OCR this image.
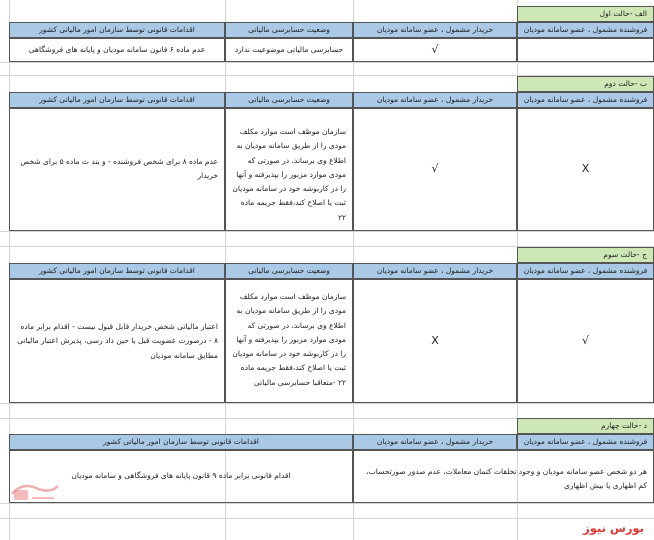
الف -حالت اول
فروشنده مشمول ، عضو سامانه مودیان
خریدار مشمول ، عضو سامانه مودیان
وضعیت حسابرسی مالیاتی
اقدامات قانونی توسط سازمان امور مالیاتی کشور
√
حسابرسی مالیاتی موضوعیت ندارد
عدم ماده ۶ قانون سامانه مودیان و پایانه های فروشگاهی
ب -حالت دوم
فروشنده مشمول ، عضو سامانه مودیان
خریدار مشمول ، عضو سامانه مودیان
وضعیت حسابرسی مالیاتی
اقدامات قانونی توسط سازمان امور مالیاتی کشور
X
√
سازمان موظف است موارد مکلف مودی را از طریق سامانه مودیان به اطلاع وی برساند، در صورتی که مودی موارد مزبور را بپذیرفته و آنها را در کاربوشه خود در سامانه مودیان ثبت یا اصلاح کند،فقط جریمه ماده ۲۲
عدم ماده ۸ برای شخص فروشنده - و بند ث ماده ۵ برای شخص خریدار
ج -حالت سوم
فروشنده مشمول ، عضو سامانه مودیان
خریدار مشمول ، عضو سامانه مودیان
وضعیت حسابرسی مالیاتی
اقدامات قانونی توسط سازمان امور مالیاتی کشور
√
X
سازمان موظف است موارد مکلف مودی را از طریق سامانه مودیان به اطلاع وی برساند، در صورتی که مودی موارد مزبور را بپذیرفته و آنها را در کاربوشه خود در سامانه مودیان ثبت یا اصلاح کند،فقط جریمه ماده ۲۲ -متعاقبا حسابرسی مالیاتی
اعتبار مالیاتی شخص خریدار قابل قبول نیست - اقدام برابر ماده ۸ - درصورت عضویت قبل یا حین داد رسی، پذیرش اعتبار مالیاتی مطابق سامانه مودیان
د -حالت چهارم
فروشنده مشمول ، عضو سامانه مودیان
خریدار مشمول ، عضو سامانه مودیان
اقدامات قانونی توسط سازمان امور مالیاتی کشور
هر دو شخص عضو سامانه مودیان و وجود تخلفات کتمان معاملات، عدم صدور صورتحساب، کم اظهاری یا بیش اظهاری
اقدام قانونی برابر ماده ۹ قانون پایانه های فروشگاهی و سامانه مودیان
بورس نیوز
